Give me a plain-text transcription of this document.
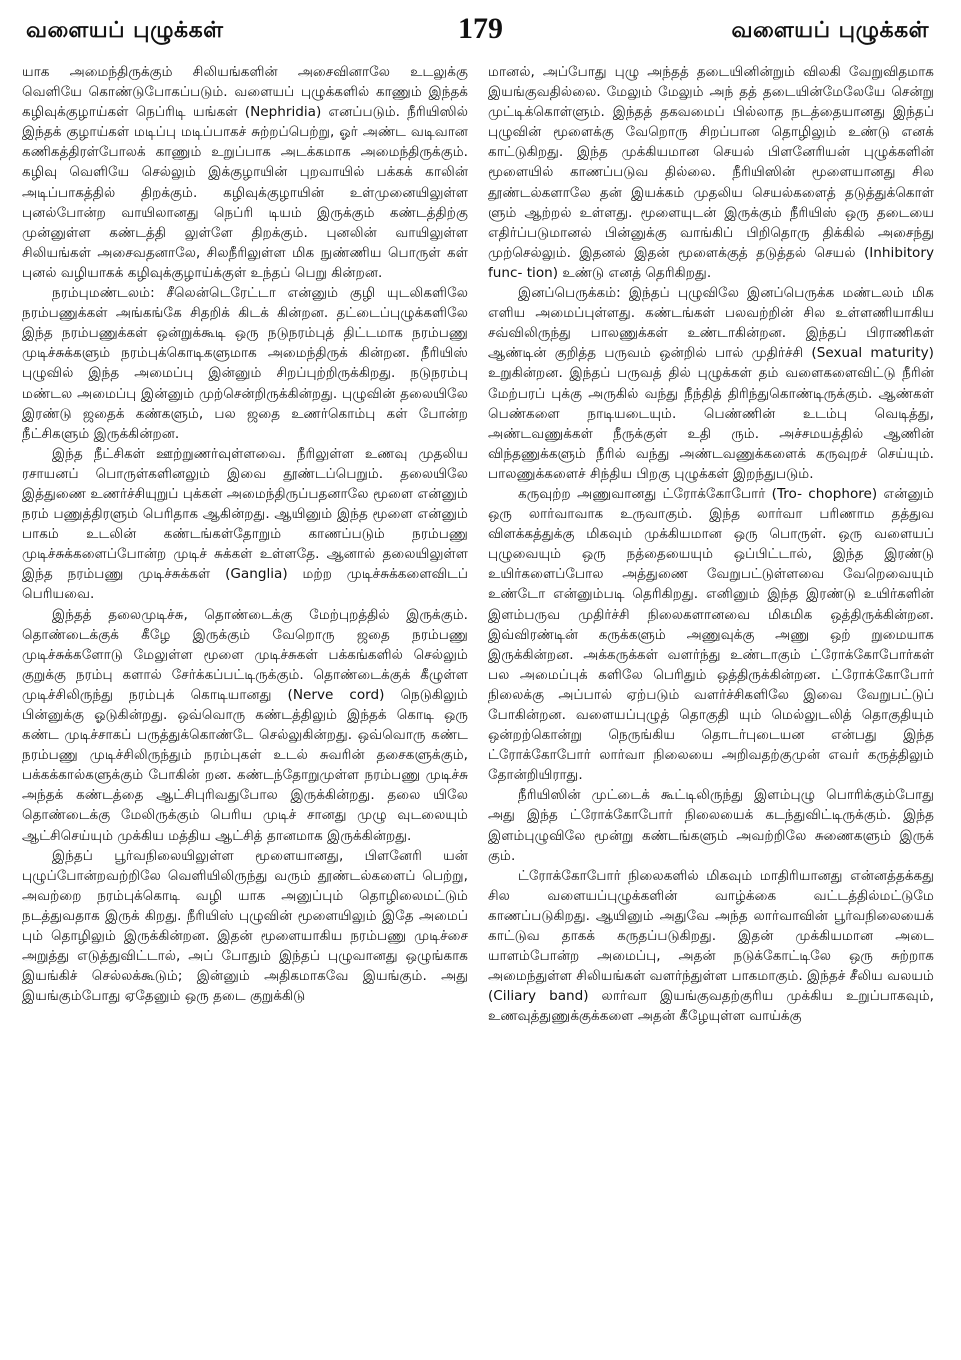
வளையப் புழுக்கள்	179	வளையப் புழுக்கள்

யாக அமைந்திருக்கும் சிலியங்களின் அசைவினாலே உடலுக்கு வெளியே கொண்டுபோகப்படும். வளையப் புழுக்களில் காணும் இந்தக் கழிவுக்குழாய்கள் நெப்ரிடி யங்கள் (Nephridia) எனப்படும். நீரியிஸில் இந்தக் குழாய்கள் மடிப்பு மடிப்பாகச் சுற்றப்பெற்று, ஓர் அண்ட வடிவான கணிகத்திரள்போலக் காணும் உறுப்பாக அடக்கமாக அமைந்திருக்கும். கழிவு வெளியே செல்லும் இக்குழாயின் புறவாயில் பக்கக் காலின் அடிப்பாகத்தில் திறக்கும். கழிவுக்குழாயின் உள்முனையிலுள்ள புனல்போன்ற வாயிலானது நெப்ரி டியம் இருக்கும் கண்டத்திற்கு முன்னுள்ள கண்டத்தி லுள்ளே திறக்கும். புனலின் வாயிலுள்ள சிலியங்கள் அசைவதனாலே, சிலநீரிலுள்ள மிக நுண்ணிய பொருள் கள் புனல் வழியாகக் கழிவுக்குழாய்க்குள் உந்தப் பெறு கின்றன.

நரம்புமண்டலம்: சீலென்டெரேட்டா என்னும் குழி யுடலிகளிலே நரம்பணுக்கள் அங்கங்கே சிதறிக் கிடக் கின்றன. தட்டைப்புழுக்களிலே இந்த நரம்பணுக்கள் ஒன்றுக்கூடி ஒரு நடுநரம்புத் திட்டமாக நரம்பணு முடிச்சுக்களும் நரம்புக்கொடிகளுமாக அமைந்திருக் கின்றன. நீரியிஸ் புழுவில் இந்த அமைப்பு இன்னும் சிறப்புற்றிருக்கிறது. நடுநரம்பு மண்டல அமைப்பு இன்னும் முற்சென்றிருக்கின்றது. புழுவின் தலையிலே இரண்டு ஜதைக் கண்களும், பல ஜதை உணர்கொம்பு கள் போன்ற நீட்சிகளும் இருக்கின்றன.

இந்த நீட்சிகள் ஊற்றுணர்வுள்ளவை. நீரிலுள்ள உணவு முதலிய ரசாயனப் பொருள்களினலும் இவை தூண்டப்பெறும். தலையிலே இத்துணை உணர்ச்சியுறுப் புக்கள் அமைந்திருப்பதனாலே மூளை என்னும் நரம் பணுத்திரளும் பெரிதாக ஆகின்றது. ஆயினும் இந்த மூளை என்னும் பாகம் உடலின் கண்டங்கள்தோறும் காணப்படும் நரம்பணு முடிச்சுக்களைப்போன்ற முடிச் சுக்கள் உள்ளதே. ஆனால் தலையிலுள்ள இந்த நரம்பணு முடிச்சுக்கள் (Ganglia) மற்ற முடிச்சுக்களைவிடப் பெரியவை.

இந்தத் தலைமுடிச்சு, தொண்டைக்கு மேற்புறத்தில் இருக்கும். தொண்டைக்குக் கீழே இருக்கும் வேறொரு ஜதை நரம்பணு முடிச்சுக்களோடு மேலுள்ள மூளை முடிச்சுகள் பக்கங்களில் செல்லும் குறுக்கு நரம்பு களால் சேர்க்கப்பட்டிருக்கும். தொண்டைக்குக் கீழுள்ள முடிச்சிலிருந்து நரம்புக் கொடியானது (Nerve cord) நெடுகிலும் பின்னுக்கு ஓடுகின்றது. ஒவ்வொரு கண்டத்திலும் இந்தக் கொடி ஒரு கண்ட முடிச்சாகப் பருத்துக்கொண்டே செல்லுகின்றது. ஒவ்வொரு கண்ட நரம்பணு முடிச்சிலிருந்தும் நரம்புகள் உடல் சுவரின் தசைகளுக்கும், பக்கக்கால்களுக்கும் போகின் றன. கண்டந்தோறுமுள்ள நரம்பணு முடிச்சு அந்தக் கண்டத்தை ஆட்சிபுரிவதுபோல இருக்கின்றது. தலை யிலே தொண்டைக்கு மேலிருக்கும் பெரிய முடிச் சானது முழு வுடலையும் ஆட்சிசெய்யும் முக்கிய மத்திய ஆட்சித் தானமாக இருக்கின்றது.

இந்தப் பூர்வநிலையிலுள்ள மூளையானது, பிளனேரி யன் புழுப்போன்றவற்றிலே வெளியிலிருந்து வரும் தூண்டல்களைப் பெற்று, அவற்றை நரம்புக்கொடி வழி யாக அனுப்பும் தொழிலைமட்டும் நடத்துவதாக இருக் கிறது. நீரியிஸ் புழுவின் மூளையிலும் இதே அமைப் பும் தொழிலும் இருக்கின்றன. இதன் மூளையாகிய நரம்பணு முடிச்சை அறுத்து எடுத்துவிட்டால், அப் போதும் இந்தப் புழுவானது ஒழுங்காக இயங்கிச் செல்லக்கூடும்; இன்னும் அதிகமாகவே இயங்கும். அது இயங்கும்போது ஏதேனும் ஒரு தடை குறுக்கிடு

மானல், அப்போது புழு அந்தத் தடையினின்றும் விலகி வேறுவிதமாக இயங்குவதில்லை. மேலும் மேலும் அந் தத் தடையின்மேலேயே சென்று முட்டிக்கொள்ளும். இந்தத் தகவமைப் பில்லாத நடத்தையானது இந்தப் புழுவின் மூளைக்கு வேறொரு சிறப்பான தொழிலும் உண்டு எனக் காட்டுகிறது. இந்த முக்கியமான செயல் பிளனேரியன் புழுக்களின் மூளையில் காணப்படுவ தில்லை. நீரியிஸின் மூளையானது சில தூண்டல்களாலே தன் இயக்கம் முதலிய செயல்களைத் தடுத்துக்கொள் ளும் ஆற்றல் உள்ளது. மூளையுடன் இருக்கும் நீரியிஸ் ஒரு தடையை எதிர்ப்படுமானல் பின்னுக்கு வாங்கிப் பிறிதொரு திக்கில் அசைந்து முற்செல்லும். இதனல் இதன் மூளைக்குத் தடுத்தல் செயல் (Inhibitory func- tion) உண்டு எனத் தெரிகிறது.

இனப்பெருக்கம்: இந்தப் புழுவிலே இனப்பெருக்க மண்டலம் மிக எளிய அமைப்புள்ளது. கண்டங்கள் பலவற்றின் சில உள்ளணியாகிய சவ்விலிருந்து பாலணுக்கள் உண்டாகின்றன. இந்தப் பிராணிகள் ஆண்டின் குறித்த பருவம் ஒன்றில் பால் முதிர்ச்சி (Sexual maturity) உறுகின்றன. இந்தப் பருவத் தில் புழுக்கள் தம் வளைகளைவிட்டு நீரின் மேற்பரப் புக்கு அருகில் வந்து நீந்தித் திரிந்துகொண்டிருக்கும். ஆண்கள் பெண்களை நாடியடையும். பெண்ணின் உடம்பு வெடித்து, அண்டவணுக்கள் நீருக்குள் உதி ரும். அச்சமயத்தில் ஆணின் விந்தணுக்களும் நீரில் வந்து அண்டவணுக்களைக் கருவுறச் செய்யும். பாலணுக்களைச் சிந்திய பிறகு புழுக்கள் இறந்துபடும்.

கருவுற்ற அணுவானது ட்ரோக்கோபோர் (Tro- chophore) என்னும் ஒரு லார்வாவாக உருவாகும். இந்த லார்வா பரிணாம தத்துவ விளக்கத்துக்கு மிகவும் முக்கியமான ஒரு பொருள். ஒரு வளையப் புழுவையும் ஒரு நத்தையையும் ஒப்பிட்டால், இந்த இரண்டு உயிர்களைப்போல அத்துணை வேறுபட்டுள்ளவை வேறெவையும் உண்டோ என்னும்படி தெரிகிறது. எனினும் இந்த இரண்டு உயிர்களின் இளம்பருவ முதிர்ச்சி நிலைகளானவை மிகமிக ஒத்திருக்கின்றன. இவ்விரண்டின் கருக்களும் அணுவுக்கு அணு ஒற் றுமையாக இருக்கின்றன. அக்கருக்கள் வளர்ந்து உண்டாகும் ட்ரோக்கோபோர்கள் பல அமைப்புக் களிலே பெரிதும் ஒத்திருக்கின்றன. ட்ரோக்கோபோர் நிலைக்கு அப்பால் ஏற்படும் வளர்ச்சிகளிலே இவை வேறுபட்டுப் போகின்றன. வளையப்புழுத் தொகுதி யும் மெல்லுடலித் தொகுதியும் ஒன்றற்கொன்று நெருங்கிய தொடர்புடையன என்பது இந்த ட்ரோக்கோபோர் லார்வா நிலையை அறிவதற்குமுன் எவர் கருத்திலும் தோன்றியிராது.

நீரியிஸின் முட்டைக் கூட்டிலிருந்து இளம்புழு பொரிக்கும்போது அது இந்த ட்ரோக்கோபோர் நிலையைக் கடந்துவிட்டிருக்கும். இந்த இளம்புழுவிலே மூன்று கண்டங்களும் அவற்றிலே சுணைகளும் இருக் கும்.

ட்ரோக்கோபோர் நிலைகளில் மிகவும் மாதிரியானது என்னத்தக்கது சில வளையப்புழுக்களின் வாழ்க்கை வட்டத்தில்மட்டுமே காணப்படுகிறது. ஆயினும் அதுவே அந்த லார்வாவின் பூர்வநிலையைக் காட்டுவ தாகக் கருதப்படுகிறது. இதன் முக்கியமான அடை யாளம்போன்ற அமைப்பு, அதன் நடுக்கோட்டிலே ஒரு சுற்றாக அமைந்துள்ள சிலியங்கள் வளர்ந்துள்ள பாகமாகும். இந்தச் சீலிய வலயம் (Ciliary band) லார்வா இயங்குவதற்குரிய முக்கிய உறுப்பாகவும், உணவுத்துணுக்குக்களை அதன் கீழேயுள்ள வாய்க்கு
